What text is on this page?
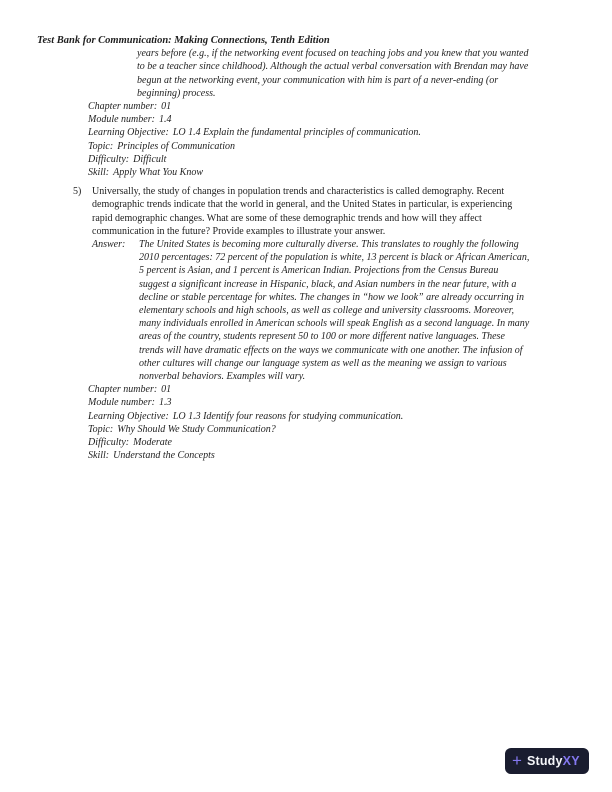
Test Bank for Communication: Making Connections, Tenth Edition
years before (e.g., if the networking event focused on teaching jobs and you knew that you wanted
to be a teacher since childhood). Although the actual verbal conversation with Brendan may have
begun at the networking event, your communication with him is part of a never-ending (or
beginning) process.
Chapter number: 01
Module number: 1.4
Learning Objective: LO 1.4 Explain the fundamental principles of communication.
Topic: Principles of Communication
Difficulty: Difficult
Skill: Apply What You Know
5)	Universally, the study of changes in population trends and characteristics is called demography. Recent
demographic trends indicate that the world in general, and the United States in particular, is experiencing
rapid demographic changes. What are some of these demographic trends and how will they affect
communication in the future? Provide examples to illustrate your answer.
Answer:	The United States is becoming more culturally diverse. This translates to roughly the following
2010 percentages: 72 percent of the population is white, 13 percent is black or African American,
5 percent is Asian, and 1 percent is American Indian. Projections from the Census Bureau
suggest a significant increase in Hispanic, black, and Asian numbers in the near future, with a
decline or stable percentage for whites. The changes in “how we look” are already occurring in
elementary schools and high schools, as well as college and university classrooms. Moreover,
many individuals enrolled in American schools will speak English as a second language. In many
areas of the country, students represent 50 to 100 or more different native languages. These
trends will have dramatic effects on the ways we communicate with one another. The infusion of
other cultures will change our language system as well as the meaning we assign to various
nonverbal behaviors. Examples will vary.
Chapter number: 01
Module number: 1.3
Learning Objective: LO 1.3 Identify four reasons for studying communication.
Topic: Why Should We Study Communication?
Difficulty: Moderate
Skill: Understand the Concepts
+ StudyXY
